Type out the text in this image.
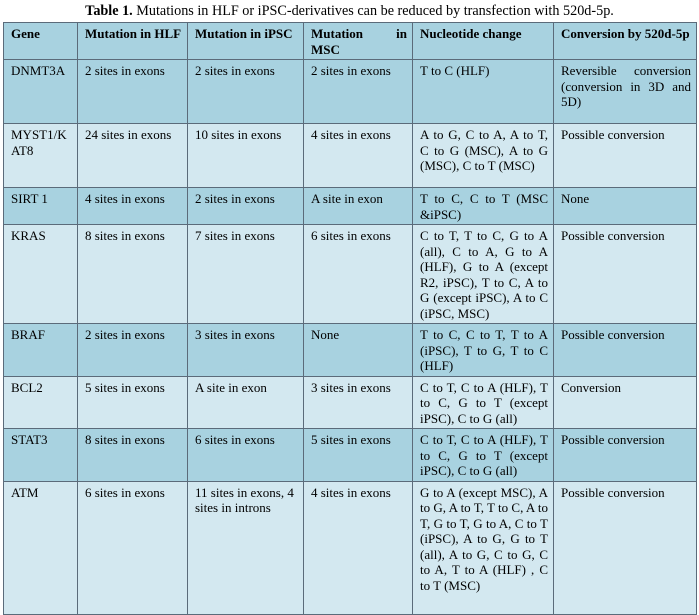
Table 1. Mutations in HLF or iPSC-derivatives can be reduced by transfection with 520d-5p.
Gene	Mutation in HLF	Mutation in iPSC	Mutation in MSC	Nucleotide change	Conversion by 520d-5p
DNMT3A	2 sites in exons	2 sites in exons	2 sites in exons	T to C (HLF)	Reversible conversion (conversion in 3D and 5D)
MYST1/KAT8	24 sites in exons	10 sites in exons	4 sites in exons	A to G, C to A, A to T, C to G (MSC), A to G (MSC), C to T (MSC)	Possible conversion
SIRT 1	4 sites in exons	2 sites in exons	A site in exon	T to C, C to T (MSC &iPSC)	None
KRAS	8 sites in exons	7 sites in exons	6 sites in exons	C to T, T to C, G to A (all), C to A, G to A (HLF), G to A (except R2, iPSC), T to C, A to G (except iPSC), A to C (iPSC, MSC)	Possible conversion
BRAF	2 sites in exons	3 sites in exons	None	T to C, C to T, T to A (iPSC), T to G, T to C (HLF)	Possible conversion
BCL2	5 sites in exons	A site in exon	3 sites in exons	C to T, C to A (HLF), T to C, G to T (except iPSC), C to G (all)	Conversion
STAT3	8 sites in exons	6 sites in exons	5 sites in exons	C to T, C to A (HLF), T to C, G to T (except iPSC), C to G (all)	Possible conversion
ATM	6 sites in exons	11 sites in exons, 4 sites in introns	4 sites in exons	G to A (except MSC), A to G, A to T, T to C, A to T, G to T, G to A, C to T (iPSC), A to G, G to T (all), A to G, C to G, C to A, T to A (HLF) , C to T (MSC)	Possible conversion
